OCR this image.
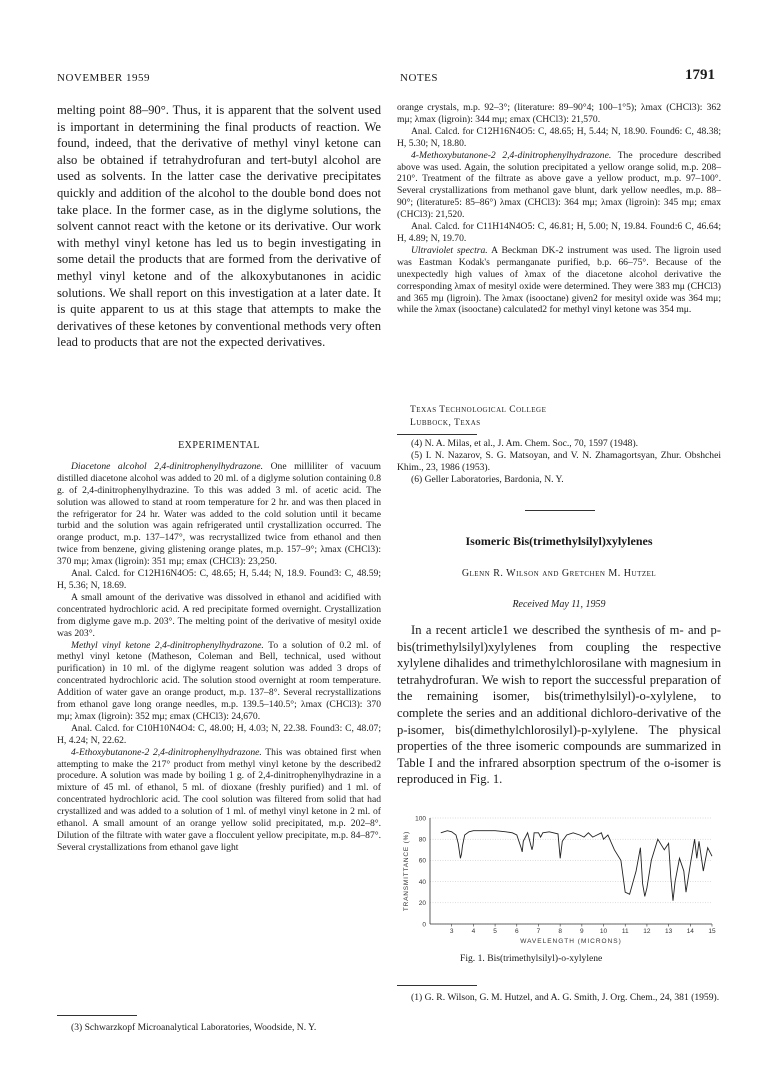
NOVEMBER 1959	NOTES	1791

melting point 88–90°. Thus, it is apparent that the solvent used is important in determining the final products of reaction. We found, indeed, that the derivative of methyl vinyl ketone can also be obtained if tetrahydrofuran and tert-butyl alcohol are used as solvents. In the latter case the derivative precipitates quickly and addition of the alcohol to the double bond does not take place. In the former case, as in the diglyme solutions, the solvent cannot react with the ketone or its derivative. Our work with methyl vinyl ketone has led us to begin investigating in some detail the products that are formed from the derivative of methyl vinyl ketone and of the alkoxybutanones in acidic solutions. We shall report on this investigation at a later date. It is quite apparent to us at this stage that attempts to make the derivatives of these ketones by conventional methods very often lead to products that are not the expected derivatives.

EXPERIMENTAL

Diacetone alcohol 2,4-dinitrophenylhydrazone. One milliliter of vacuum distilled diacetone alcohol was added to 20 ml. of a diglyme solution containing 0.8 g. of 2,4-dinitrophenylhydrazine. To this was added 3 ml. of acetic acid. The solution was allowed to stand at room temperature for 2 hr. and was then placed in the refrigerator for 24 hr. Water was added to the cold solution until it became turbid and the solution was again refrigerated until crystallization occurred. The orange product, m.p. 137–147°, was recrystallized twice from ethanol and then twice from benzene, giving glistening orange plates, m.p. 157–9°; λmax (CHCl3): 370 mμ; λmax (ligroin): 351 mμ; εmax (CHCl3): 23,250.

Anal. Calcd. for C12H16N4O5: C, 48.65; H, 5.44; N, 18.9. Found3: C, 48.59; H, 5.36; N, 18.69.

A small amount of the derivative was dissolved in ethanol and acidified with concentrated hydrochloric acid. A red precipitate formed overnight. Crystallization from diglyme gave m.p. 203°. The melting point of the derivative of mesityl oxide was 203°.

Methyl vinyl ketone 2,4-dinitrophenylhydrazone. To a solution of 0.2 ml. of methyl vinyl ketone (Matheson, Coleman and Bell, technical, used without purification) in 10 ml. of the diglyme reagent solution was added 3 drops of concentrated hydrochloric acid. The solution stood overnight at room temperature. Addition of water gave an orange product, m.p. 137–8°. Several recrystallizations from ethanol gave long orange needles, m.p. 139.5–140.5°; λmax (CHCl3): 370 mμ; λmax (ligroin): 352 mμ; εmax (CHCl3): 24,670.

Anal. Calcd. for C10H10N4O4: C, 48.00; H, 4.03; N, 22.38. Found3: C, 48.07; H, 4.24; N, 22.62.

4-Ethoxybutanone-2 2,4-dinitrophenylhydrazone. This was obtained first when attempting to make the 217° product from methyl vinyl ketone by the described2 procedure. A solution was made by boiling 1 g. of 2,4-dinitrophenylhydrazine in a mixture of 45 ml. of ethanol, 5 ml. of dioxane (freshly purified) and 1 ml. of concentrated hydrochloric acid. The cool solution was filtered from solid that had crystallized and was added to a solution of 1 ml. of methyl vinyl ketone in 2 ml. of ethanol. A small amount of an orange yellow solid precipitated, m.p. 202–8°. Dilution of the filtrate with water gave a flocculent yellow precipitate, m.p. 84–87°. Several crystallizations from ethanol gave light

(3) Schwarzkopf Microanalytical Laboratories, Woodside, N. Y.

orange crystals, m.p. 92–3°; (literature: 89–90°4; 100–1°5); λmax (CHCl3): 362 mμ; λmax (ligroin): 344 mμ; εmax (CHCl3): 21,570.

Anal. Calcd. for C12H16N4O5: C, 48.65; H, 5.44; N, 18.90. Found6: C, 48.38; H, 5.30; N, 18.80.

4-Methoxybutanone-2 2,4-dinitrophenylhydrazone. The procedure described above was used. Again, the solution precipitated a yellow orange solid, m.p. 208–210°. Treatment of the filtrate as above gave a yellow product, m.p. 97–100°. Several crystallizations from methanol gave blunt, dark yellow needles, m.p. 88–90°; (literature5: 85–86°) λmax (CHCl3): 364 mμ; λmax (ligroin): 345 mμ; εmax (CHCl3): 21,520.

Anal. Calcd. for C11H14N4O5: C, 46.81; H, 5.00; N, 19.84. Found:6 C, 46.64; H, 4.89; N, 19.70.

Ultraviolet spectra. A Beckman DK-2 instrument was used. The ligroin used was Eastman Kodak's permanganate purified, b.p. 66–75°. Because of the unexpectedly high values of λmax of the diacetone alcohol derivative the corresponding λmax of mesityl oxide were determined. They were 383 mμ (CHCl3) and 365 mμ (ligroin). The λmax (isooctane) given2 for mesityl oxide was 364 mμ; while the λmax (isooctane) calculated2 for methyl vinyl ketone was 354 mμ.

Texas Technological College
Lubbock, Texas

(4) N. A. Milas, et al., J. Am. Chem. Soc., 70, 1597 (1948).

(5) I. N. Nazarov, S. G. Matsoyan, and V. N. Zhamagortsyan, Zhur. Obshchei Khim., 23, 1986 (1953).

(6) Geller Laboratories, Bardonia, N. Y.

Isomeric Bis(trimethylsilyl)xylylenes
Glenn R. Wilson and Gretchen M. Hutzel
Received May 11, 1959

In a recent article1 we described the synthesis of m- and p-bis(trimethylsilyl)xylylenes from coupling the respective xylylene dihalides and trimethylchlorosilane with magnesium in tetrahydrofuran. We wish to report the successful preparation of the remaining isomer, bis(trimethylsilyl)-o-xylylene, to complete the series and an additional dichloro-derivative of the p-isomer, bis(dimethylchlorosilyl)-p-xylylene. The physical properties of the three isomeric compounds are summarized in Table I and the infrared absorption spectrum of the o-isomer is reproduced in Fig. 1.

0
20
40
60
80
100
3	4	5	6	7	8	9	10 11 12 13 14 15
WAVELENGTH (MICRONS)
TRANSMITTANCE (%)
Fig. 1. Bis(trimethylsilyl)-o-xylylene

(1) G. R. Wilson, G. M. Hutzel, and A. G. Smith, J. Org. Chem., 24, 381 (1959).
